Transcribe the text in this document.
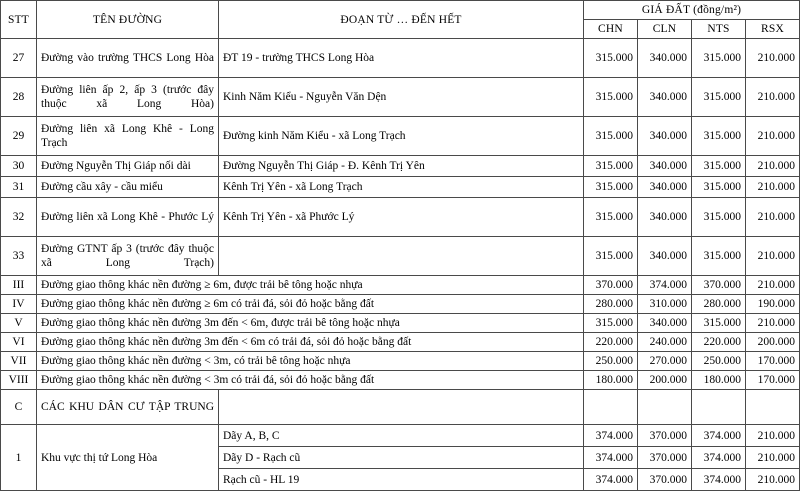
STT	TÊN ĐƯỜNG	ĐOẠN TỪ … ĐẾN HẾT	GIÁ ĐẤT (đồng/m²)			
			CHN	CLN	NTS	RSX
27	Đường vào trường THCS Long Hòa	ĐT 19 - trường THCS Long Hòa	315.000	340.000	315.000	210.000
28	Đường liên ấp 2, ấp 3 (trước đây thuộc xã Long Hòa)	Kinh Năm Kiểu - Nguyễn Văn Dện	315.000	340.000	315.000	210.000
29	Đường liên xã Long Khê - Long Trạch	Đường kinh Năm Kiểu - xã Long Trạch	315.000	340.000	315.000	210.000
30	Đường Nguyễn Thị Giáp nối dài	Đường Nguyễn Thị Giáp - Đ. Kênh Trị Yên	315.000	340.000	315.000	210.000
31	Đường cầu xây - cầu miểu	Kênh Trị Yên - xã Long Trạch	315.000	340.000	315.000	210.000
32	Đường liên xã Long Khê - Phước Lý	Kênh Trị Yên - xã Phước Lý	315.000	340.000	315.000	210.000
33	Đường GTNT ấp 3 (trước đây thuộc xã Long Trạch)		315.000	340.000	315.000	210.000
III	Đường giao thông khác nền đường ≥ 6m, được trải bê tông hoặc nhựa		370.000	374.000	370.000	210.000
IV	Đường giao thông khác nền đường ≥ 6m có trải đá, sỏi đỏ hoặc bằng đất		280.000	310.000	280.000	190.000
V	Đường giao thông khác nền đường 3m đến < 6m, được trải bê tông hoặc nhựa		315.000	340.000	315.000	210.000
VI	Đường giao thông khác nền đường 3m đến < 6m có trải đá, sỏi đỏ hoặc bằng đất		220.000	240.000	220.000	200.000
VII	Đường giao thông khác nền đường < 3m, có trải bê tông hoặc nhựa		250.000	270.000	250.000	170.000
VIII	Đường giao thông khác nền đường < 3m có trải đá, sỏi đỏ hoặc bằng đất		180.000	200.000	180.000	170.000
C	CÁC KHU DÂN CƯ TẬP TRUNG					
1	Khu vực thị tứ Long Hòa	Dãy A, B, C	374.000	370.000	374.000	210.000
		Dãy D - Rạch cũ	374.000	370.000	374.000	210.000
		Rạch cũ - HL 19	374.000	370.000	374.000	210.000
